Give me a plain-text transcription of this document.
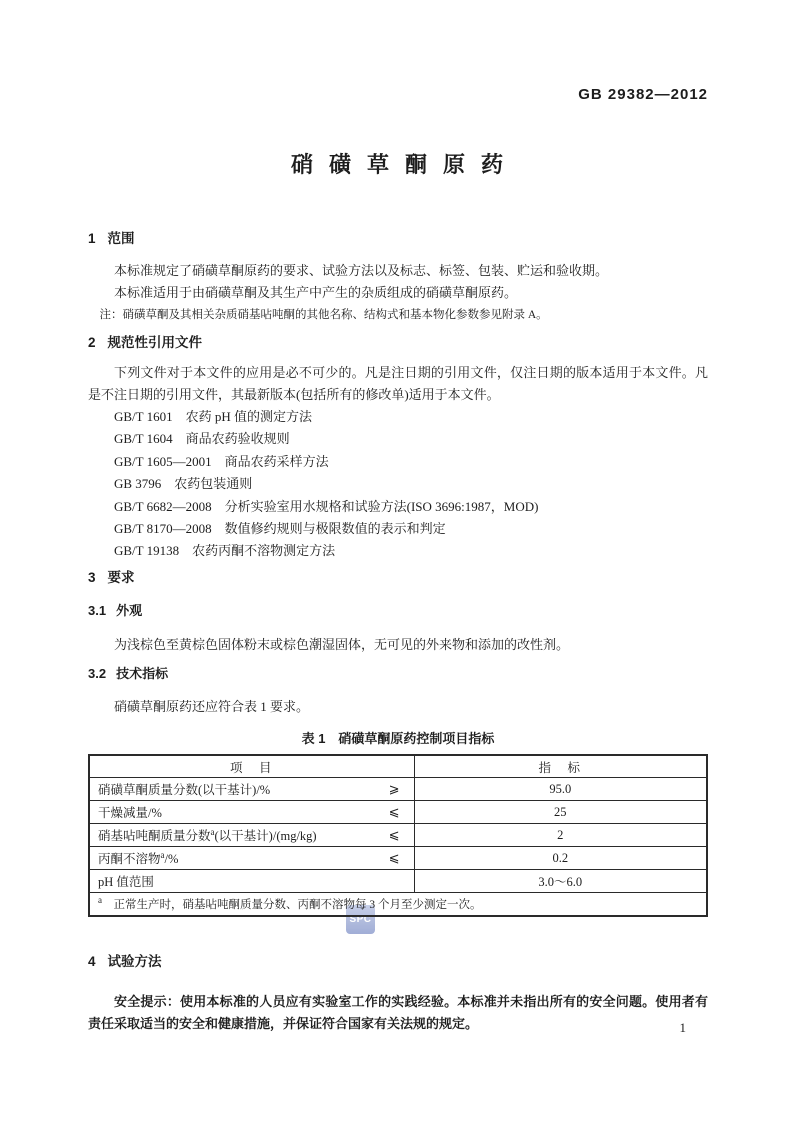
GB 29382—2012
硝磺草酮原药
SPC
1 范围

本标准规定了硝磺草酮原药的要求、试验方法以及标志、标签、包装、贮运和验收期。

本标准适用于由硝磺草酮及其生产中产生的杂质组成的硝磺草酮原药。

注：硝磺草酮及其相关杂质硝基呫吨酮的其他名称、结构式和基本物化参数参见附录 A。

2 规范性引用文件

下列文件对于本文件的应用是必不可少的。凡是注日期的引用文件，仅注日期的版本适用于本文件。凡是不注日期的引用文件，其最新版本(包括所有的修改单)适用于本文件。

GB/T 1601　农药 pH 值的测定方法
GB/T 1604　商品农药验收规则
GB/T 1605—2001　商品农药采样方法
GB 3796　农药包装通则
GB/T 6682—2008　分析实验室用水规格和试验方法(ISO 3696:1987，MOD)
GB/T 8170—2008　数值修约规则与极限数值的表示和判定
GB/T 19138　农药丙酮不溶物测定方法
3 要求
3.1 外观

为浅棕色至黄棕色固体粉末或棕色潮湿固体，无可见的外来物和添加的改性剂。

3.2 技术指标

硝磺草酮原药还应符合表 1 要求。

表 1　硝磺草酮原药控制项目指标
项　目	指　标

硝磺草酮质量分数(以干基计)/% ⩾	95.0

干燥减量/% ⩽	25

硝基呫吨酮质量分数$^a$(以干基计)/(mg/kg) ⩽	2

丙酮不溶物$^a$/% ⩽	0.2

pH 值范围	3.0～6.0
$^a$　正常生产时，硝基呫吨酮质量分数、丙酮不溶物每 3 个月至少测定一次。	
4 试验方法

安全提示：使用本标准的人员应有实验室工作的实践经验。本标准并未指出所有的安全问题。使用者有责任采取适当的安全和健康措施，并保证符合国家有关法规的规定。	1
